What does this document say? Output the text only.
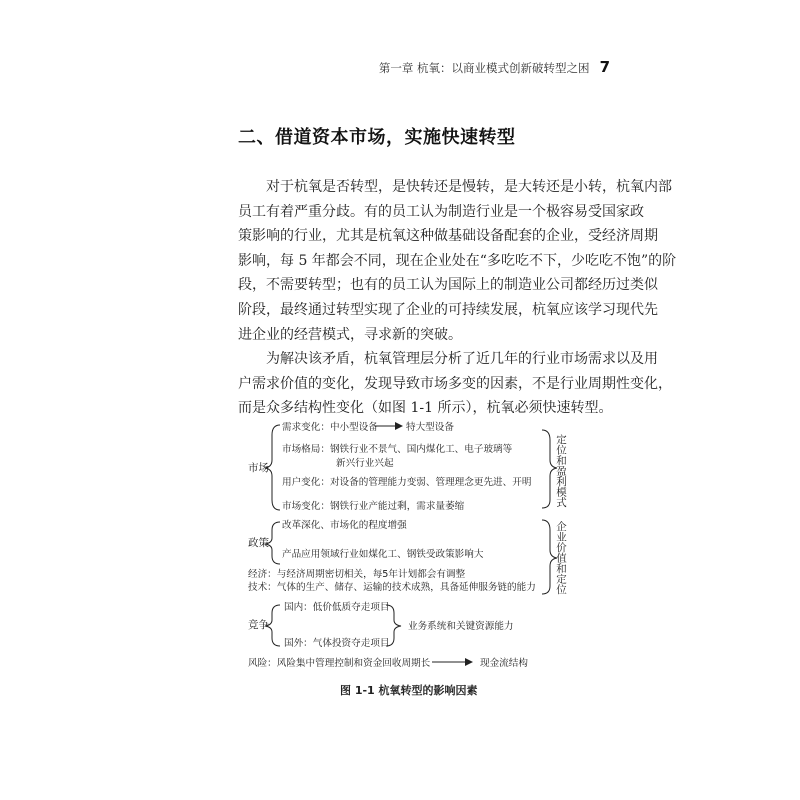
第一章 杭氧：以商业模式创新破转型之困 7
二、借道资本市场，实施快速转型
对于杭氧是否转型，是快转还是慢转，是大转还是小转，杭氧内部
员工有着严重分歧。有的员工认为制造行业是一个极容易受国家政
策影响的行业，尤其是杭氧这种做基础设备配套的企业，受经济周期
影响，每 5 年都会不同，现在企业处在“多吃吃不下，少吃吃不饱”的阶
段，不需要转型；也有的员工认为国际上的制造业公司都经历过类似
阶段，最终通过转型实现了企业的可持续发展，杭氧应该学习现代先
进企业的经营模式，寻求新的突破。
为解决该矛盾，杭氧管理层分析了近几年的行业市场需求以及用
户需求价值的变化，发现导致市场多变的因素，不是行业周期性变化，
而是众多结构性变化（如图 1-1 所示），杭氧必须快速转型。
市场
需求变化：中小型设备	特大型设备
市场格局：钢铁行业不景气、国内煤化工、电子玻璃等
新兴行业兴起
用户变化：对设备的管理能力变弱、管理理念更先进、开明
市场变化：钢铁行业产能过剩，需求量萎缩	定位和盈利模式
政策
改革深化、市场化的程度增强
产品应用领域行业如煤化工、钢铁受政策影响大	企业价值和定位
经济：与经济周期密切相关，每5年计划都会有调整
技术：气体的生产、储存、运输的技术成熟，具备延伸服务链的能力
竞争
国内：低价低质夺走项目
国外：气体投资夺走项目
业务系统和关键资源能力
风险：风险集中管理控制和资金回收周期长	现金流结构
图 1-1 杭氧转型的影响因素
